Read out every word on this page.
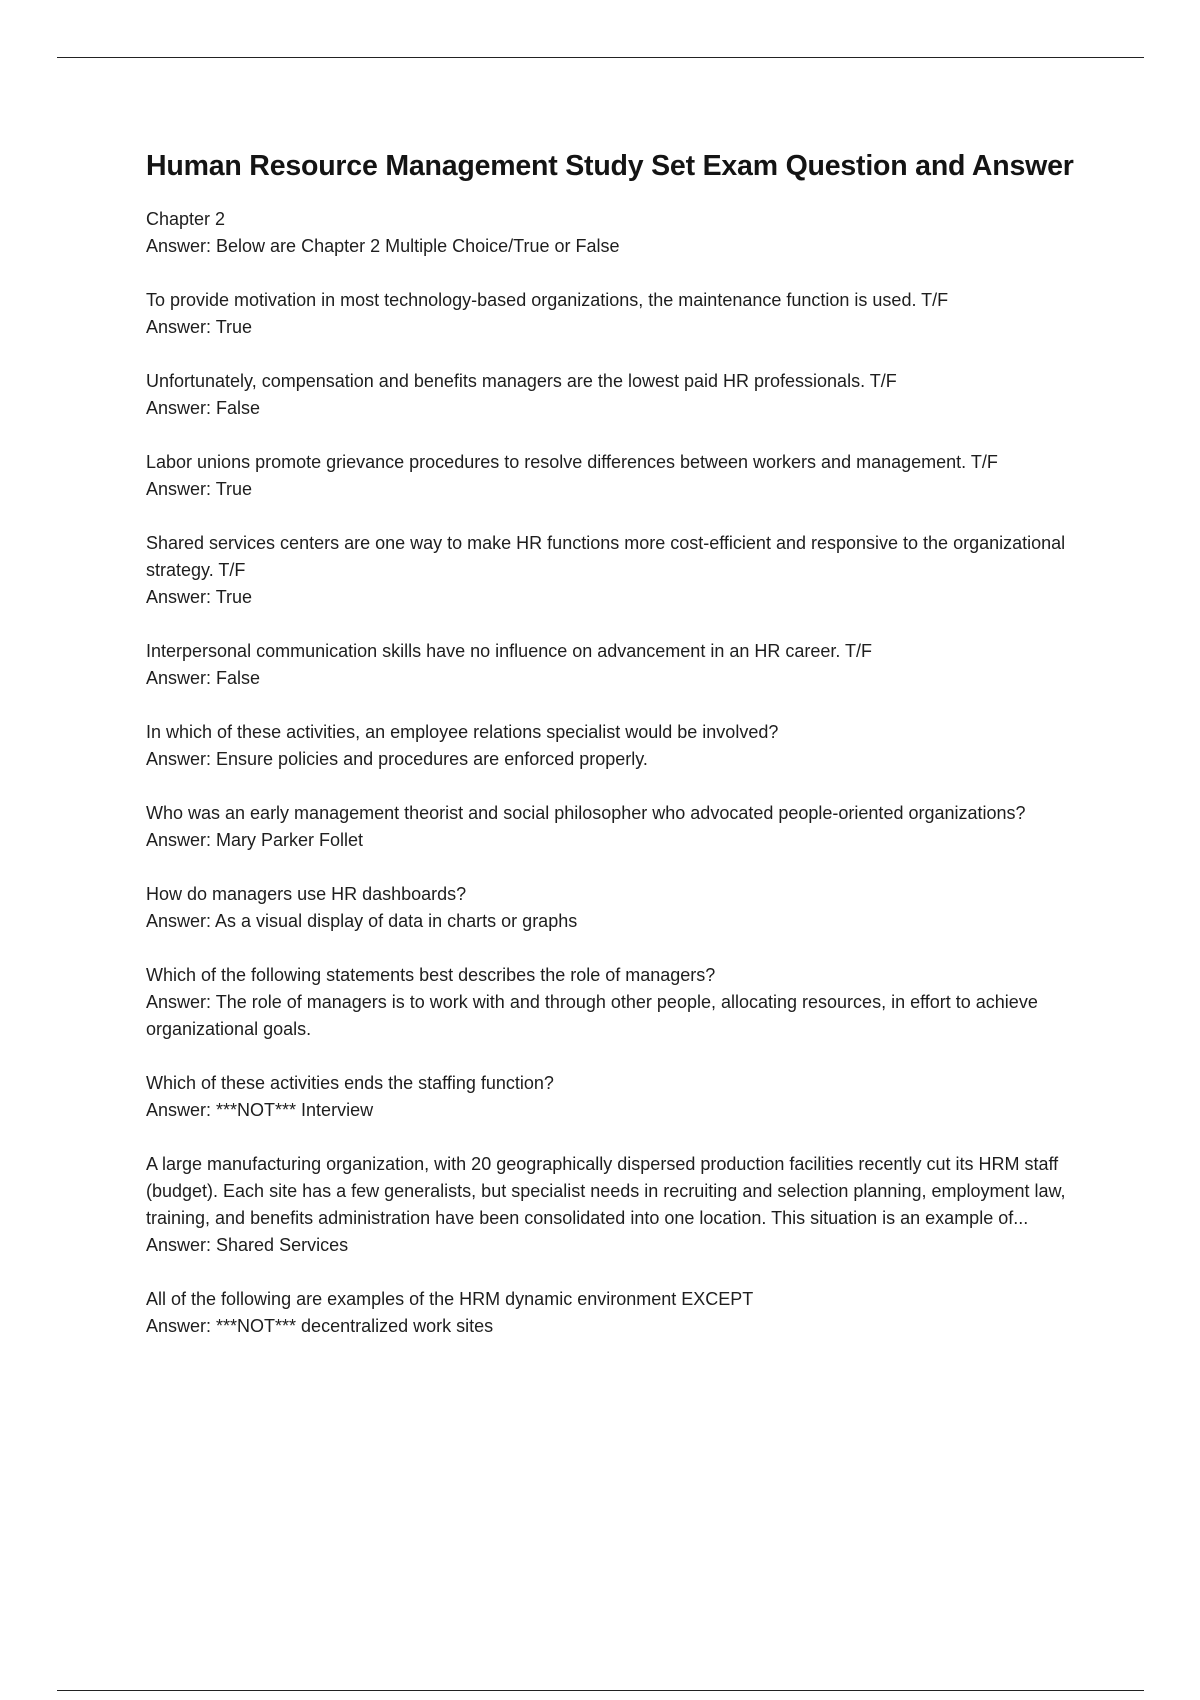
Human Resource Management Study Set Exam Question and Answer

Chapter 2

Answer: Below are Chapter 2 Multiple Choice/True or False

To provide motivation in most technology-based organizations, the maintenance function is used. T/F

Answer: True

Unfortunately, compensation and benefits managers are the lowest paid HR professionals. T/F

Answer: False

Labor unions promote grievance procedures to resolve differences between workers and management. T/F

Answer: True

Shared services centers are one way to make HR functions more cost-efficient and responsive to the organizational strategy. T/F

Answer: True

Interpersonal communication skills have no influence on advancement in an HR career. T/F

Answer: False

In which of these activities, an employee relations specialist would be involved?

Answer: Ensure policies and procedures are enforced properly.

Who was an early management theorist and social philosopher who advocated people-oriented organizations?

Answer: Mary Parker Follet

How do managers use HR dashboards?

Answer: As a visual display of data in charts or graphs

Which of the following statements best describes the role of managers?

Answer: The role of managers is to work with and through other people, allocating resources, in effort to achieve organizational goals.

Which of these activities ends the staffing function?

Answer: ***NOT*** Interview

A large manufacturing organization, with 20 geographically dispersed production facilities recently cut its HRM staff (budget). Each site has a few generalists, but specialist needs in recruiting and selection planning, employment law, training, and benefits administration have been consolidated into one location. This situation is an example of...

Answer: Shared Services

All of the following are examples of the HRM dynamic environment EXCEPT

Answer: ***NOT*** decentralized work sites
